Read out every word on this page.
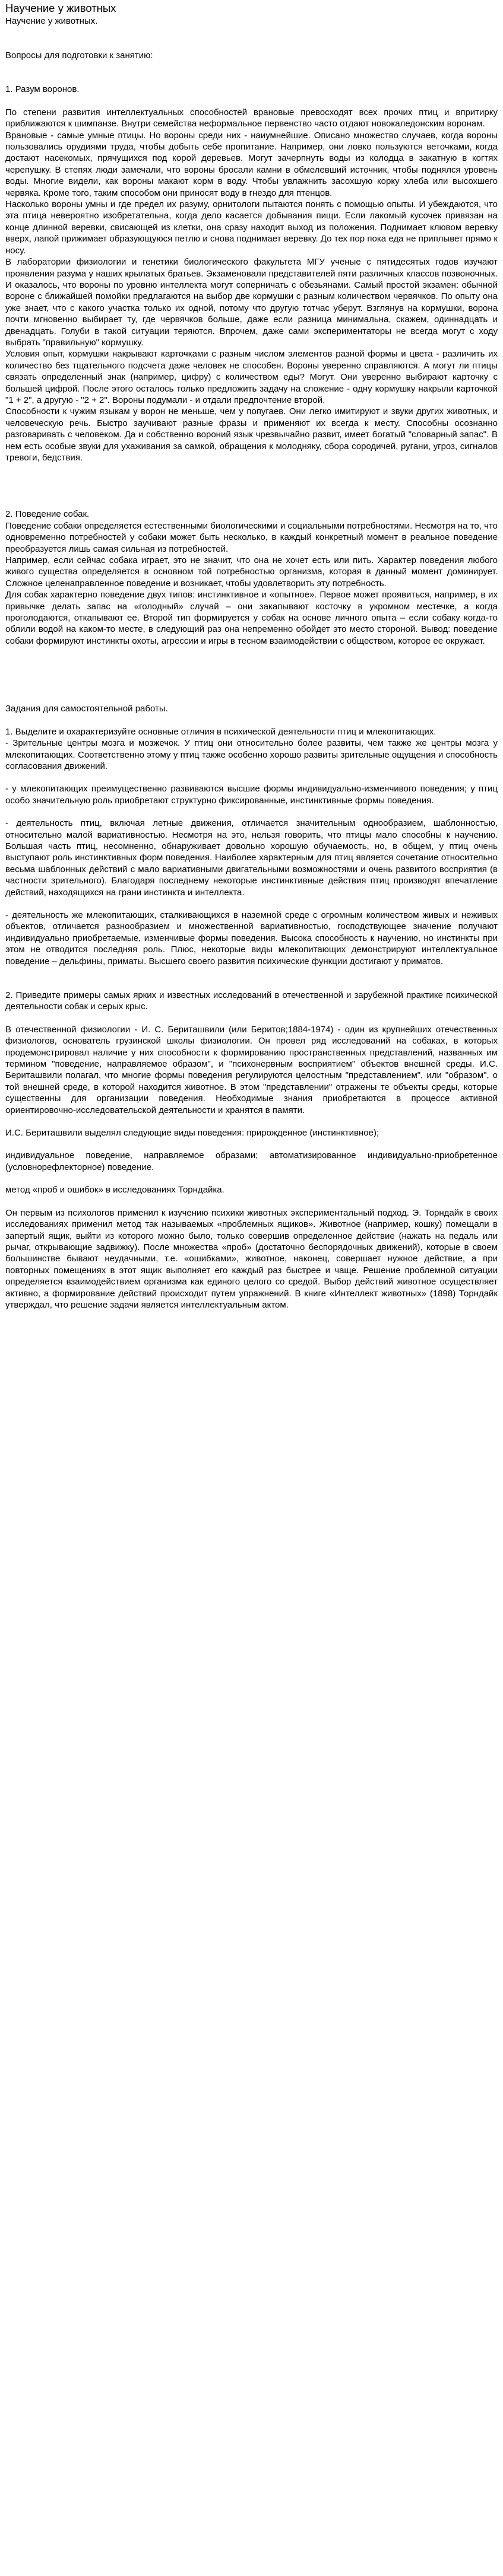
Научение у животных

Научение у животных.

Вопросы для подготовки к занятию:

1. Разум воронов.

По степени развития интеллектуальных способностей врановые превосходят всех прочих птиц и впритирку приближаются к шимпанзе. Внутри семейства неформальное первенство часто отдают новокаледонским воронам.

Врановые - самые умные птицы. Но вороны среди них - наиумнейшие. Описано множество случаев, когда вороны пользовались орудиями труда, чтобы добыть себе пропитание. Например, они ловко пользуются веточками, когда достают насекомых, прячущихся под корой деревьев. Могут зачерпнуть воды из колодца в закатную в когтях черепушку. В степях люди замечали, что вороны бросали камни в обмелевший источник, чтобы поднялся уровень воды. Многие видели, как вороны макают корм в воду. Чтобы увлажнить засохшую корку хлеба или высохшего червяка. Кроме того, таким способом они приносят воду в гнездо для птенцов.

Насколько вороны умны и где предел их разуму, орнитологи пытаются понять с помощью опыты. И убеждаются, что эта птица невероятно изобретательна, когда дело касается добывания пищи. Если лакомый кусочек привязан на конце длинной веревки, свисающей из клетки, она сразу находит выход из положения. Поднимает клювом веревку вверх, лапой прижимает образующуюся петлю и снова поднимает веревку. До тех пор пока еда не приплывет прямо к носу.

В лаборатории физиологии и генетики биологического факультета МГУ ученые с пятидесятых годов изучают проявления разума у наших крылатых братьев. Экзаменовали представителей пяти различных классов позвоночных. И оказалось, что вороны по уровню интеллекта могут соперничать с обезьянами. Самый простой экзамен: обычной вороне с ближайшей помойки предлагаются на выбор две кормушки с разным количеством червячков. По опыту она уже знает, что с какого участка только их одной, потому что другую тотчас уберут. Взглянув на кормушки, ворона почти мгновенно выбирает ту, где червячков больше, даже если разница минимальна, скажем, одиннадцать и двенадцать. Голуби в такой ситуации теряются. Впрочем, даже сами экспериментаторы не всегда могут с ходу выбрать "правильную" кормушку.

Условия опыт, кормушки накрывают карточками с разным числом элементов разной формы и цвета - различить их количество без тщательного подсчета даже человек не способен. Вороны уверенно справляются. А могут ли птицы связать определенный знак (например, цифру) с количеством еды? Могут. Они уверенно выбирают карточку с большей цифрой. После этого осталось только предложить задачу на сложение - одну кормушку накрыли карточкой "1 + 2", а другую - "2 + 2". Вороны подумали - и отдали предпочтение второй.

Способности к чужим языкам у ворон не меньше, чем у попугаев. Они легко имитируют и звуки других животных, и человеческую речь. Быстро заучивают разные фразы и применяют их всегда к месту. Способны осознанно разговаривать с человеком. Да и собственно вороний язык чрезвычайно развит, имеет богатый "словарный запас". В нем есть особые звуки для ухаживания за самкой, обращения к молодняку, сбора сородичей, ругани, угроз, сигналов тревоги, бедствия.

2. Поведение собак.

Поведение собаки определяется естественными биологическими и социальными потребностями. Несмотря на то, что одновременно потребностей у собаки может быть несколько, в каждый конкретный момент в реальное поведение преобразуется лишь самая сильная из потребностей.

Например, если сейчас собака играет, это не значит, что она не хочет есть или пить. Характер поведения любого живого существа определяется в основном той потребностью организма, которая в данный момент доминирует. Сложное целенаправленное поведение и возникает, чтобы удовлетворить эту потребность.

Для собак характерно поведение двух типов: инстинктивное и «опытное». Первое может проявиться, например, в их привычке делать запас на «голодный» случай – они закапывают косточку в укромном местечке, а когда проголодаются, откапывают ее. Второй тип формируется у собак на основе личного опыта – если собаку когда-то облили водой на каком-то месте, в следующий раз она непременно обойдет это место стороной. Вывод: поведение собаки формируют инстинкты охоты, агрессии и игры в тесном взаимодействии с обществом, которое ее окружает.

Задания для самостоятельной работы.

1. Выделите и охарактеризуйте основные отличия в психической деятельности птиц и млекопитающих.

- Зрительные центры мозга и мозжечок. У птиц они относительно более развиты, чем также же центры мозга у млекопитающих. Соответственно этому у птиц также особенно хорошо развиты зрительные ощущения и способность согласования движений.

- у млекопитающих преимущественно развиваются высшие формы индивидуально-изменчивого поведения; у птиц особо значительную роль приобретают структурно фиксированные, инстинктивные формы поведения.

- деятельность птиц, включая летные движения, отличается значительным однообразием, шаблонностью, относительно малой вариативностью. Несмотря на это, нельзя говорить, что птицы мало способны к научению. Большая часть птиц, несомненно, обнаруживает довольно хорошую обучаемость, но, в общем, у птиц очень выступают роль инстинктивных форм поведения. Наиболее характерным для птиц является сочетание относительно весьма шаблонных действий с мало вариативными двигательными возможностями и очень развитого восприятия (в частности зрительного). Благодаря последнему некоторые инстинктивные действия птиц производят впечатление действий, находящихся на грани инстинкта и интеллекта.

- деятельность же млекопитающих, сталкивающихся в наземной среде с огромным количеством живых и неживых объектов, отличается разнообразием и множественной вариативностью, господствующее значение получают индивидуально приобретаемые, изменчивые формы поведения. Высока способность к научению, но инстинкты при этом не отводится последняя роль. Плюс, некоторые виды млекопитающих демонстрируют интеллектуальное поведение – дельфины, приматы. Высшего своего развития психические функции достигают у приматов.

2. Приведите примеры самых ярких и известных исследований в отечественной и зарубежной практике психической деятельности собак и серых крыс.

В отечественной физиологии - И. С. Бериташвили (или Беритов;1884-1974) - один из крупнейших отечественных физиологов, основатель грузинской школы физиологии. Он провел ряд исследований на собаках, в которых продемонстрировал наличие у них способности к формированию пространственных представлений, названных им термином "поведение, направляемое образом", и "психонервным восприятием" объектов внешней среды. И.С. Бериташвили полагал, что многие формы поведения регулируются целостным "представлением", или "образом", о той внешней среде, в которой находится животное. В этом "представлении" отражены те объекты среды, которые существенны для организации поведения. Необходимые знания приобретаются в процессе активной ориентировочно-исследовательской деятельности и хранятся в памяти.

И.С. Бериташвили выделял следующие виды поведения: прирожденное (инстинктивное);

индивидуальное поведение, направляемое образами; автоматизированное индивидуально-приобретенное (условнорефлекторное) поведение.

метод «проб и ошибок» в исследованиях Торндайка.

Он первым из психологов применил к изучению психики животных экспериментальный подход. Э. Торндайк в своих исследованиях применил метод так называемых «проблемных ящиков». Животное (например, кошку) помещали в запертый ящик, выйти из которого можно было, только совершив определенное действие (нажать на педаль или рычаг, открывающие задвижку). После множества «проб» (достаточно беспорядочных движений), которые в своем большинстве бывают неудачными, т.е. «ошибками», животное, наконец, совершает нужное действие, а при повторных помещениях в этот ящик выполняет его каждый раз быстрее и чаще. Решение проблемной ситуации определяется взаимодействием организма как единого целого со средой. Выбор действий животное осуществляет активно, а формирование действий происходит путем упражнений. В книге «Интеллект животных» (1898) Торндайк утверждал, что решение задачи является интеллектуальным актом.
